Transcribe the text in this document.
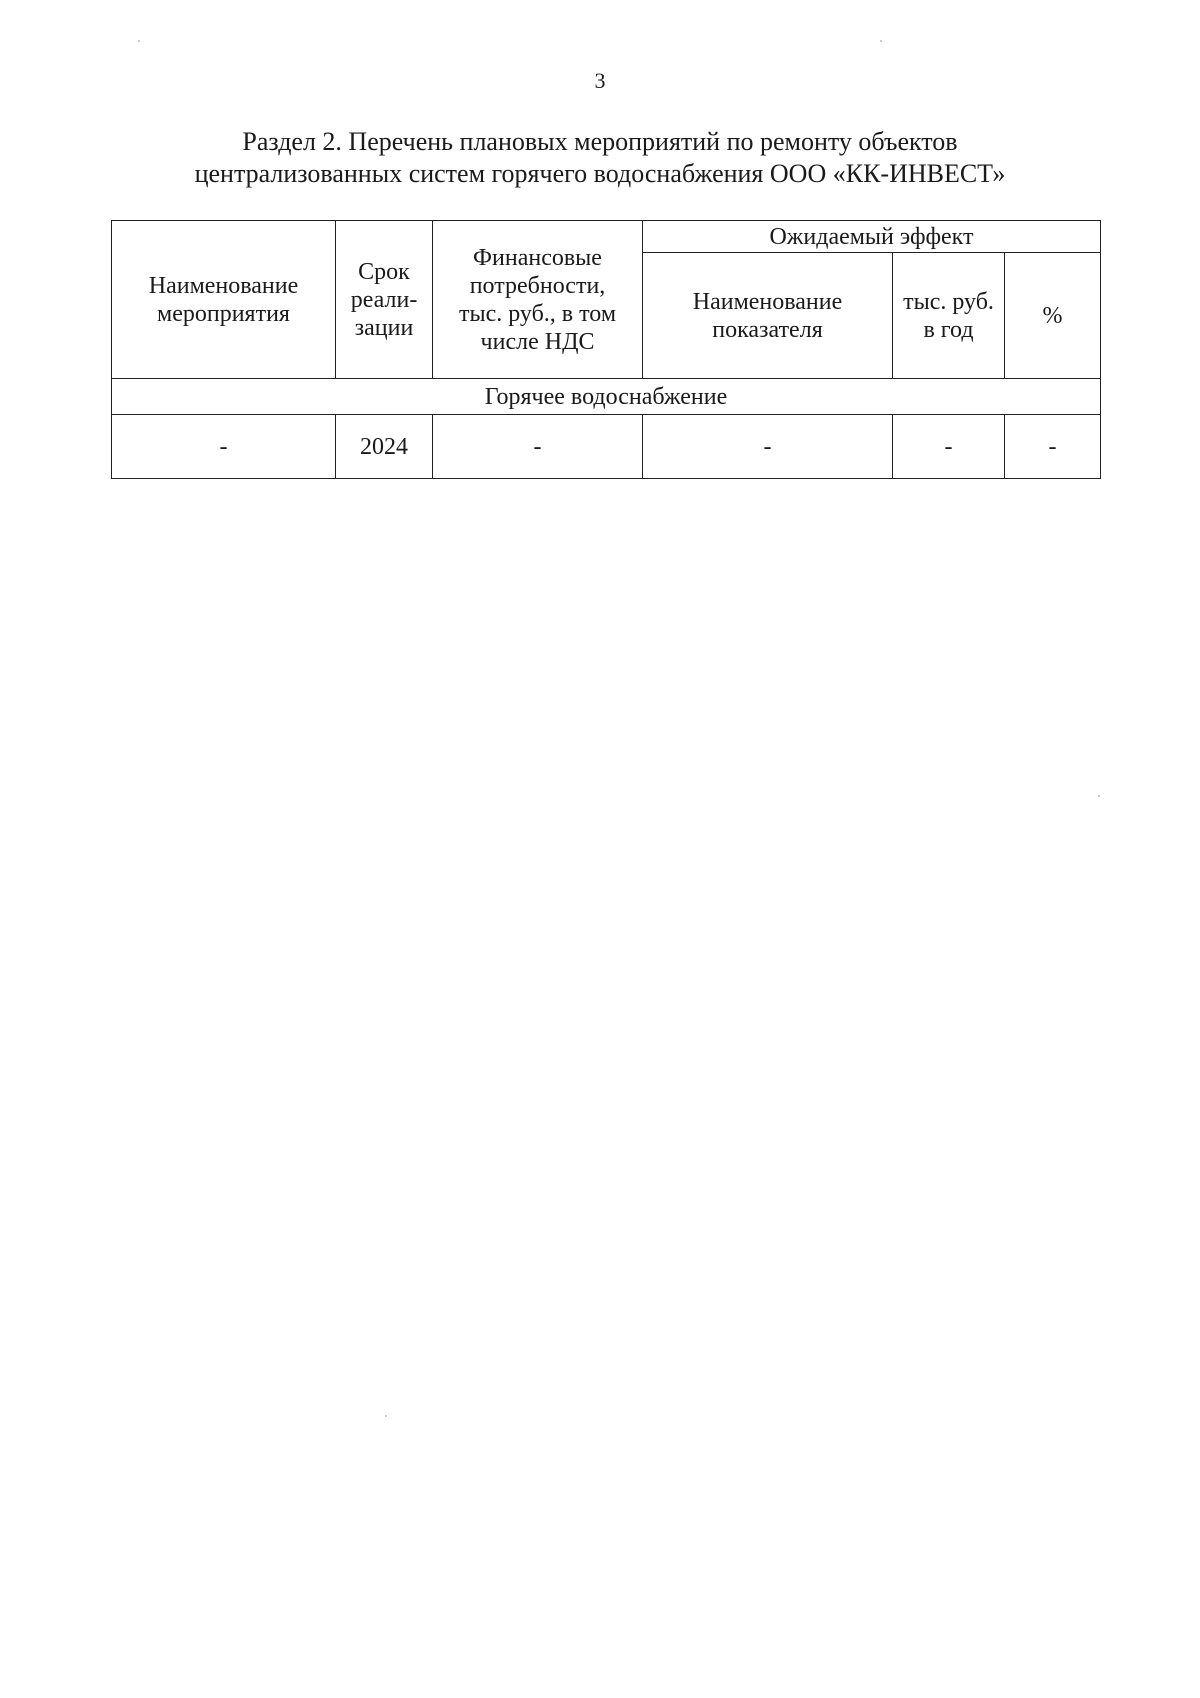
3
Раздел 2. Перечень плановых мероприятий по ремонту объектов
централизованных систем горячего водоснабжения ООО «КК-ИНВЕСТ»
Наименование
мероприятия	Срок
реали-
зации	Финансовые
потребности,
тыс. руб., в том
числе НДС	Ожидаемый эффект		
			Наименование
показателя	тыс. руб.
в год	%
Горячее водоснабжение					
-	2024	-	-	-	-
